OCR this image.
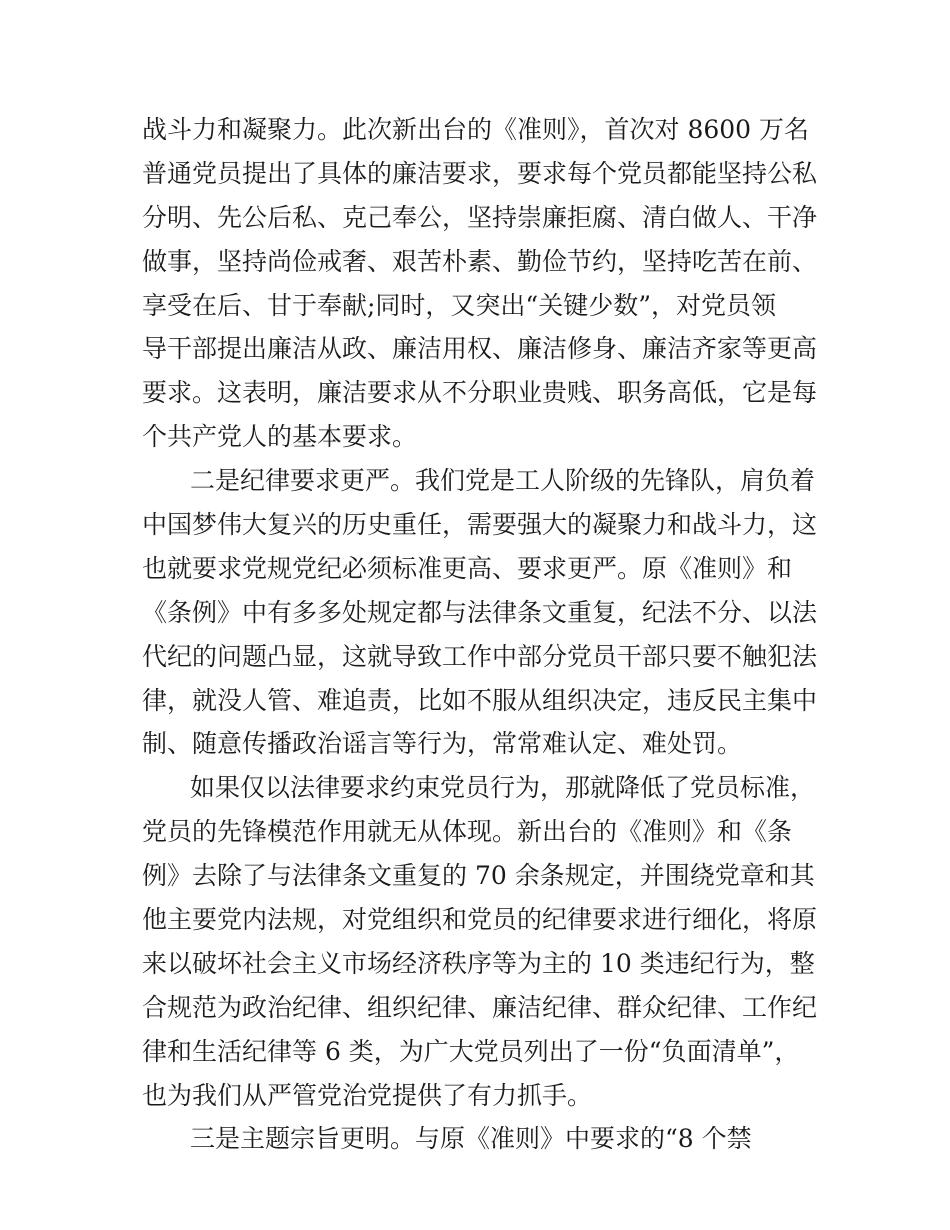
战斗力和凝聚力。此次新出台的《准则》，首次对 8600 万名
普通党员提出了具体的廉洁要求，要求每个党员都能坚持公私
分明、先公后私、克己奉公，坚持崇廉拒腐、清白做人、干净
做事，坚持尚俭戒奢、艰苦朴素、勤俭节约，坚持吃苦在前、
享受在后、甘于奉献;同时，又突出“关键少数”，对党员领
导干部提出廉洁从政、廉洁用权、廉洁修身、廉洁齐家等更高
要求。这表明，廉洁要求从不分职业贵贱、职务高低，它是每
个共产党人的基本要求。
二是纪律要求更严。我们党是工人阶级的先锋队，肩负着
中国梦伟大复兴的历史重任，需要强大的凝聚力和战斗力，这
也就要求党规党纪必须标准更高、要求更严。原《准则》和
《条例》中有多多处规定都与法律条文重复，纪法不分、以法
代纪的问题凸显，这就导致工作中部分党员干部只要不触犯法
律，就没人管、难追责，比如不服从组织决定，违反民主集中
制、随意传播政治谣言等行为，常常难认定、难处罚。
如果仅以法律要求约束党员行为，那就降低了党员标准，
党员的先锋模范作用就无从体现。新出台的《准则》和《条
例》去除了与法律条文重复的 70 余条规定，并围绕党章和其
他主要党内法规，对党组织和党员的纪律要求进行细化，将原
来以破坏社会主义市场经济秩序等为主的 10 类违纪行为，整
合规范为政治纪律、组织纪律、廉洁纪律、群众纪律、工作纪
律和生活纪律等 6 类，为广大党员列出了一份“负面清单”，
也为我们从严管党治党提供了有力抓手。
三是主题宗旨更明。与原《准则》中要求的“8 个禁
